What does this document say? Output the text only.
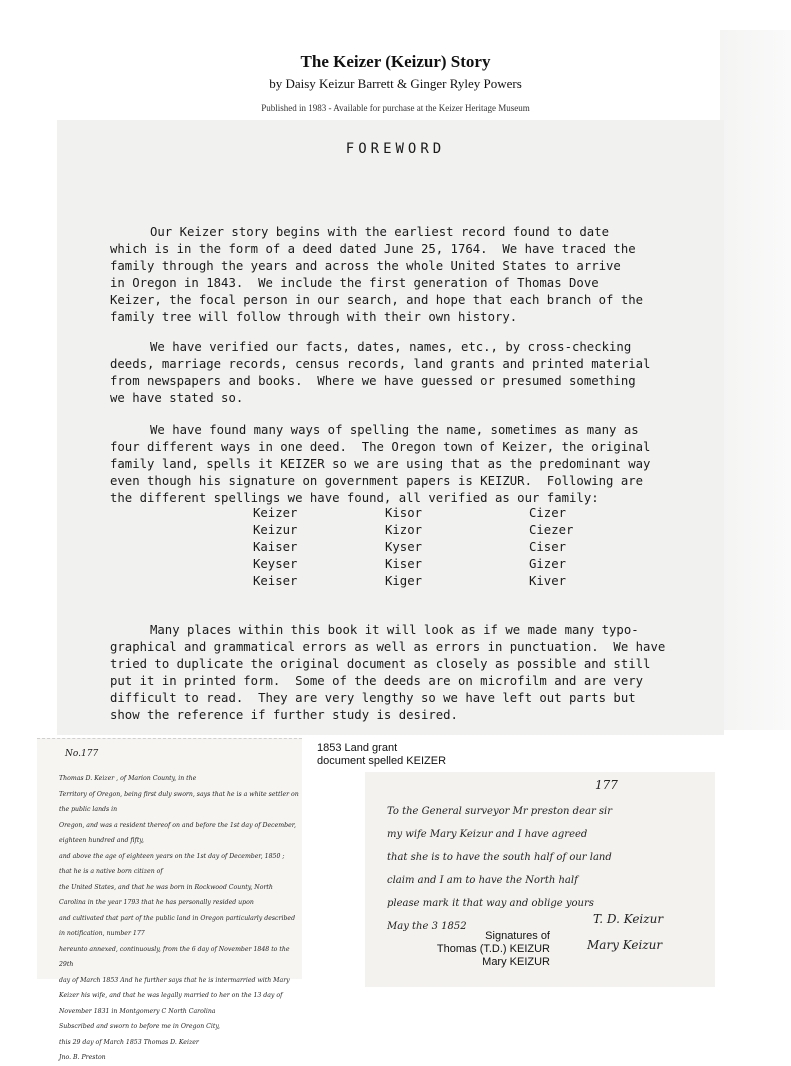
The Keizer (Keizur) Story
by Daisy Keizur Barrett & Ginger Ryley Powers
Published in 1983 - Available for purchase at the Keizer Heritage Museum
FOREWORD

Our Keizer story begins with the earliest record found to date
which is in the form of a deed dated June 25, 1764.  We have traced the
family through the years and across the whole United States to arrive
in Oregon in 1843.  We include the first generation of Thomas Dove
Keizer, the focal person in our search, and hope that each branch of the
family tree will follow through with their own history.

We have verified our facts, dates, names, etc., by cross-checking
deeds, marriage records, census records, land grants and printed material
from newspapers and books.  Where we have guessed or presumed something
we have stated so.

We have found many ways of spelling the name, sometimes as many as
four different ways in one deed.  The Oregon town of Keizer, the original
family land, spells it KEIZER so we are using that as the predominant way
even though his signature on government papers is KEIZUR.  Following are
the different spellings we have found, all verified as our family:

Keizer
Keizur
Kaiser
Keyser
Keiser
Kisor
Kizor
Kyser
Kiser
Kiger
Cizer
Ciezer
Ciser
Gizer
Kiver

Many places within this book it will look as if we made many typo-
graphical and grammatical errors as well as errors in punctuation.  We have
tried to duplicate the original document as closely as possible and still
put it in printed form.  Some of the deeds are on microfilm and are very
difficult to read.  They are very lengthy so we have left out parts but
show the reference if further study is desired.

No.177
Thomas D. Keizer , of Marion County, in the
Territory of Oregon, being first duly sworn, says that he is a white settler on the public lands in
Oregon, and was a resident thereof on and before the 1st day of December, eighteen hundred and fifty,
and above the age of eighteen years on the 1st day of December, 1850 ; that he is a native born citizen of
the United States, and that he was born in Rockwood County, North
Carolina in the year 1793 that he has personally resided upon
and cultivated that part of the public land in Oregon particularly described in notification, number 177
hereunto annexed, continuously, from the 6 day of November 1848 to the 29th
day of March 1853 And he further says that he is intermarried with Mary
Keizer his wife, and that he was legally married to her on the 13 day of
November 1831 in Montgomery C North Carolina
Subscribed and sworn to before me in Oregon City,
this 29 day of March 1853 Thomas D. Keizer
Jno. B. Preston
1853 Land grant
document spelled KEIZER
177
To the General surveyor Mr preston dear sir
my wife Mary Keizur and I have agreed
that she is to have the south half of our land
claim and I am to have the North half
please mark it that way and oblige yours
May the 3 1852
T. D. Keizur
Mary Keizur
Signatures of
Thomas (T.D.) KEIZUR
Mary KEIZUR
